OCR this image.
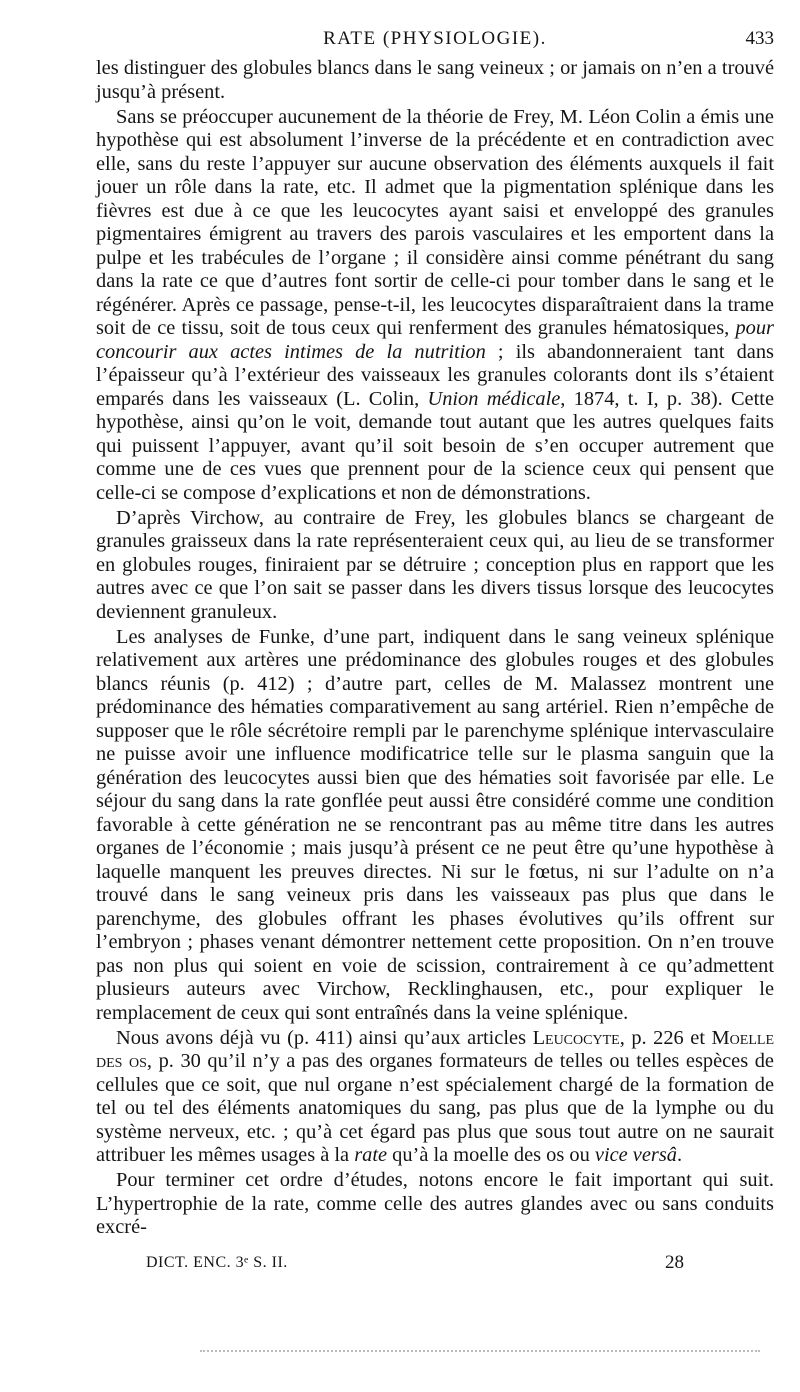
RATE (PHYSIOLOGIE).	433

les distinguer des globules blancs dans le sang veineux ; or jamais on n’en a trouvé jusqu’à présent.

Sans se préoccuper aucunement de la théorie de Frey, M. Léon Colin a émis une hypothèse qui est absolument l’inverse de la précédente et en contradiction avec elle, sans du reste l’appuyer sur aucune observation des éléments auxquels il fait jouer un rôle dans la rate, etc. Il admet que la pigmentation splénique dans les fièvres est due à ce que les leucocytes ayant saisi et enveloppé des granules pigmentaires émigrent au travers des parois vasculaires et les emportent dans la pulpe et les trabécules de l’organe ; il considère ainsi comme pénétrant du sang dans la rate ce que d’autres font sortir de celle-ci pour tomber dans le sang et le régénérer. Après ce passage, pense-t-il, les leucocytes disparaîtraient dans la trame soit de ce tissu, soit de tous ceux qui renferment des granules hématosiques, pour concourir aux actes intimes de la nutrition ; ils abandonneraient tant dans l’épaisseur qu’à l’extérieur des vaisseaux les granules colorants dont ils s’étaient emparés dans les vaisseaux (L. Colin, Union médicale, 1874, t. I, p. 38). Cette hypothèse, ainsi qu’on le voit, demande tout autant que les autres quelques faits qui puissent l’appuyer, avant qu’il soit besoin de s’en occuper autrement que comme une de ces vues que prennent pour de la science ceux qui pensent que celle-ci se compose d’explications et non de démonstrations.

D’après Virchow, au contraire de Frey, les globules blancs se chargeant de granules graisseux dans la rate représenteraient ceux qui, au lieu de se transformer en globules rouges, finiraient par se détruire ; conception plus en rapport que les autres avec ce que l’on sait se passer dans les divers tissus lorsque des leucocytes deviennent granuleux.

Les analyses de Funke, d’une part, indiquent dans le sang veineux splénique relativement aux artères une prédominance des globules rouges et des globules blancs réunis (p. 412) ; d’autre part, celles de M. Malassez montrent une prédominance des hématies comparativement au sang artériel. Rien n’empêche de supposer que le rôle sécrétoire rempli par le parenchyme splénique intervasculaire ne puisse avoir une influence modificatrice telle sur le plasma sanguin que la génération des leucocytes aussi bien que des hématies soit favorisée par elle. Le séjour du sang dans la rate gonflée peut aussi être considéré comme une condition favorable à cette génération ne se rencontrant pas au même titre dans les autres organes de l’économie ; mais jusqu’à présent ce ne peut être qu’une hypothèse à laquelle manquent les preuves directes. Ni sur le fœtus, ni sur l’adulte on n’a trouvé dans le sang veineux pris dans les vaisseaux pas plus que dans le parenchyme, des globules offrant les phases évolutives qu’ils offrent sur l’embryon ; phases venant démontrer nettement cette proposition. On n’en trouve pas non plus qui soient en voie de scission, contrairement à ce qu’admettent plusieurs auteurs avec Virchow, Recklinghausen, etc., pour expliquer le remplacement de ceux qui sont entraînés dans la veine splénique.

Nous avons déjà vu (p. 411) ainsi qu’aux articles Leucocyte, p. 226 et Moelle des os, p. 30 qu’il n’y a pas des organes formateurs de telles ou telles espèces de cellules que ce soit, que nul organe n’est spécialement chargé de la formation de tel ou tel des éléments anatomiques du sang, pas plus que de la lymphe ou du système nerveux, etc. ; qu’à cet égard pas plus que sous tout autre on ne saurait attribuer les mêmes usages à la rate qu’à la moelle des os ou vice versâ.

Pour terminer cet ordre d’études, notons encore le fait important qui suit. L’hypertrophie de la rate, comme celle des autres glandes avec ou sans conduits excré-

DICT. ENC. 3ᵉ S. II.	28
